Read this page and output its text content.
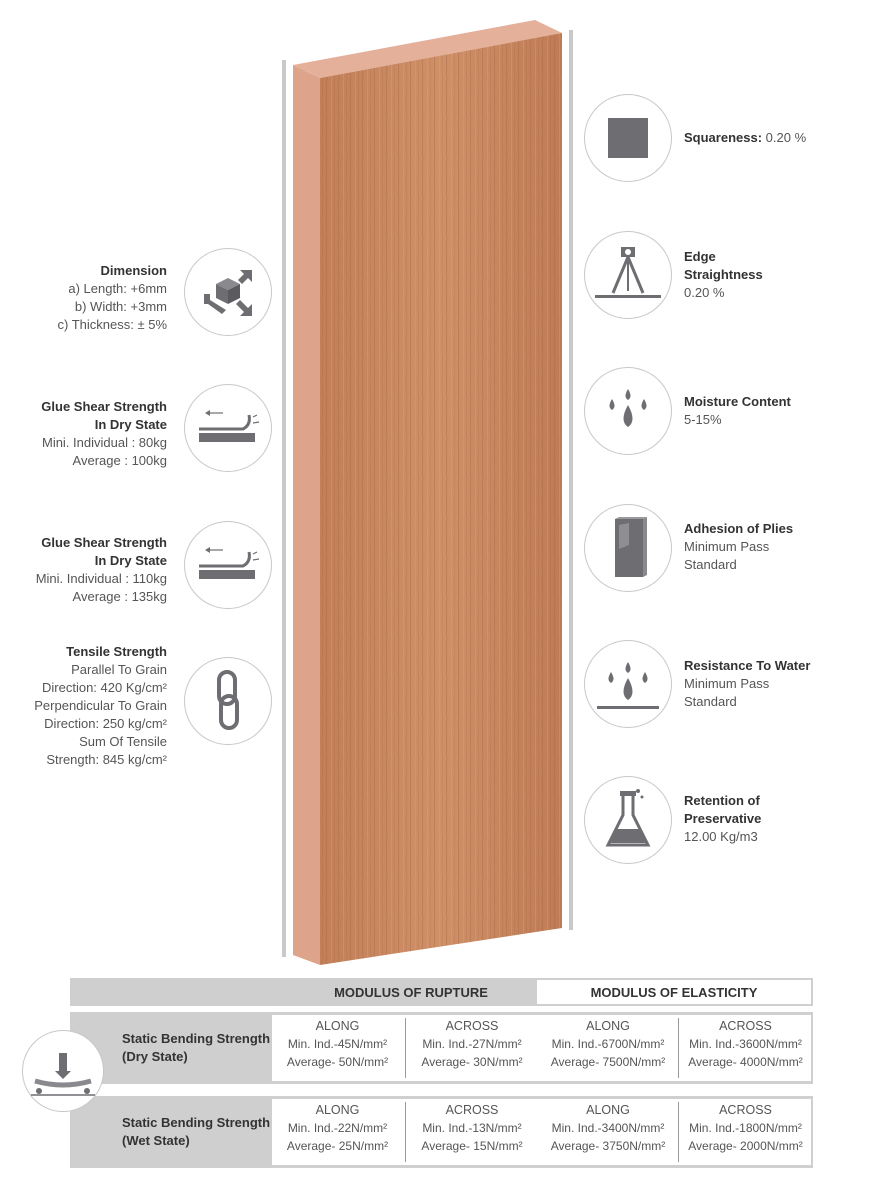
Dimension
a) Length: +6mm
b) Width: +3mm
c) Thickness: ± 5%
Glue Shear Strength
In Dry State
Mini. Individual : 80kg
Average : 100kg
Glue Shear Strength
In Dry State
Mini. Individual : 110kg
Average : 135kg
Tensile Strength
Parallel To Grain
Direction: 420 Kg/cm²
Perpendicular To Grain
Direction: 250 kg/cm²
Sum Of Tensile
Strength: 845 kg/cm²
Squareness: 0.20 %
Edge
Straightness
0.20 %
Moisture Content
5-15%
Adhesion of Plies
Minimum Pass
Standard
Resistance To Water
Minimum Pass
Standard
Retention of
Preservative
12.00 Kg/m3
MODULUS OF RUPTURE	MODULUS OF ELASTICITY
Static Bending Strength
(Dry State)
ALONG
Min. Ind.-45N/mm²
Average- 50N/mm²
ACROSS
Min. Ind.-27N/mm²
Average- 30N/mm²
ALONG
Min. Ind.-6700N/mm²
Average- 7500N/mm²
ACROSS
Min. Ind.-3600N/mm²
Average- 4000N/mm²
Static Bending Strength
(Wet State)
ALONG
Min. Ind.-22N/mm²
Average- 25N/mm²
ACROSS
Min. Ind.-13N/mm²
Average- 15N/mm²
ALONG
Min. Ind.-3400N/mm²
Average- 3750N/mm²
ACROSS
Min. Ind.-1800N/mm²
Average- 2000N/mm²
